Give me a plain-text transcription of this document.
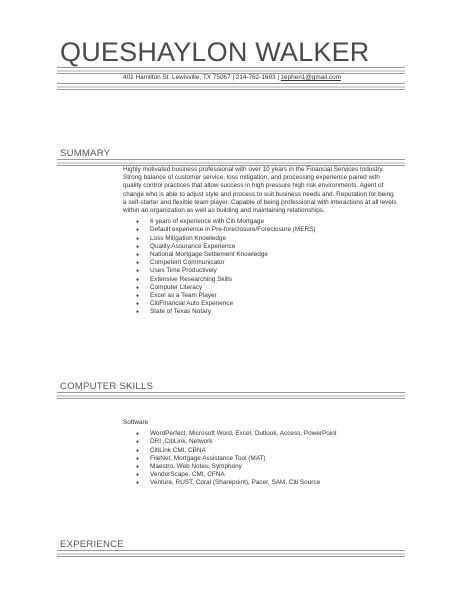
QUESHAYLON WALKER
401 Hamilton St. Lewisville, TX 75067 | 214-762-1693 | zephen1@gmail.com
SUMMARY

Highly motivated business professional with over 10 years in the Financial Services Industry. Strong balance of customer service, loss mitigation, and processing experience paired with quality control practices that allow success in high pressure high risk environments. Agent of change who is able to adjust style and process to suit business needs and. Reputation for being a self-starter and flexible team player. Capable of being professional with interactions at all levels within an organization as well as building and maintaining relationships.

● 6 years of experience with Citi Mortgage
● Default experience in Pre-foreclosure/Foreclosure (MERS)
● Loss Mitigation Knowledge
● Quality Assurance Experience
● National Mortgage Settlement Knowledge
● Competent Communicator
● Uses Time Productively
● Extensive Researching Skills
● Computer Literacy
● Excel as a Team Player
● CitiFinancial Auto Experience
● State of Texas Notary
COMPUTER SKILLS
Software
● WordPerfect, Microsoft Word, Excel, Outlook, Access, PowerPoint
● DRI ,CitiLink, Network
● CitiLink CMI, CBNA
● FileNet, Mortgage Assistance Tool (MAT)
● Maestro, Web Notes, Symphony
● VendorScape, CMI, CFNA
● Venture, RUST, Coral (Sharepoint), Pacer, SAM, Citi Source
EXPERIENCE
